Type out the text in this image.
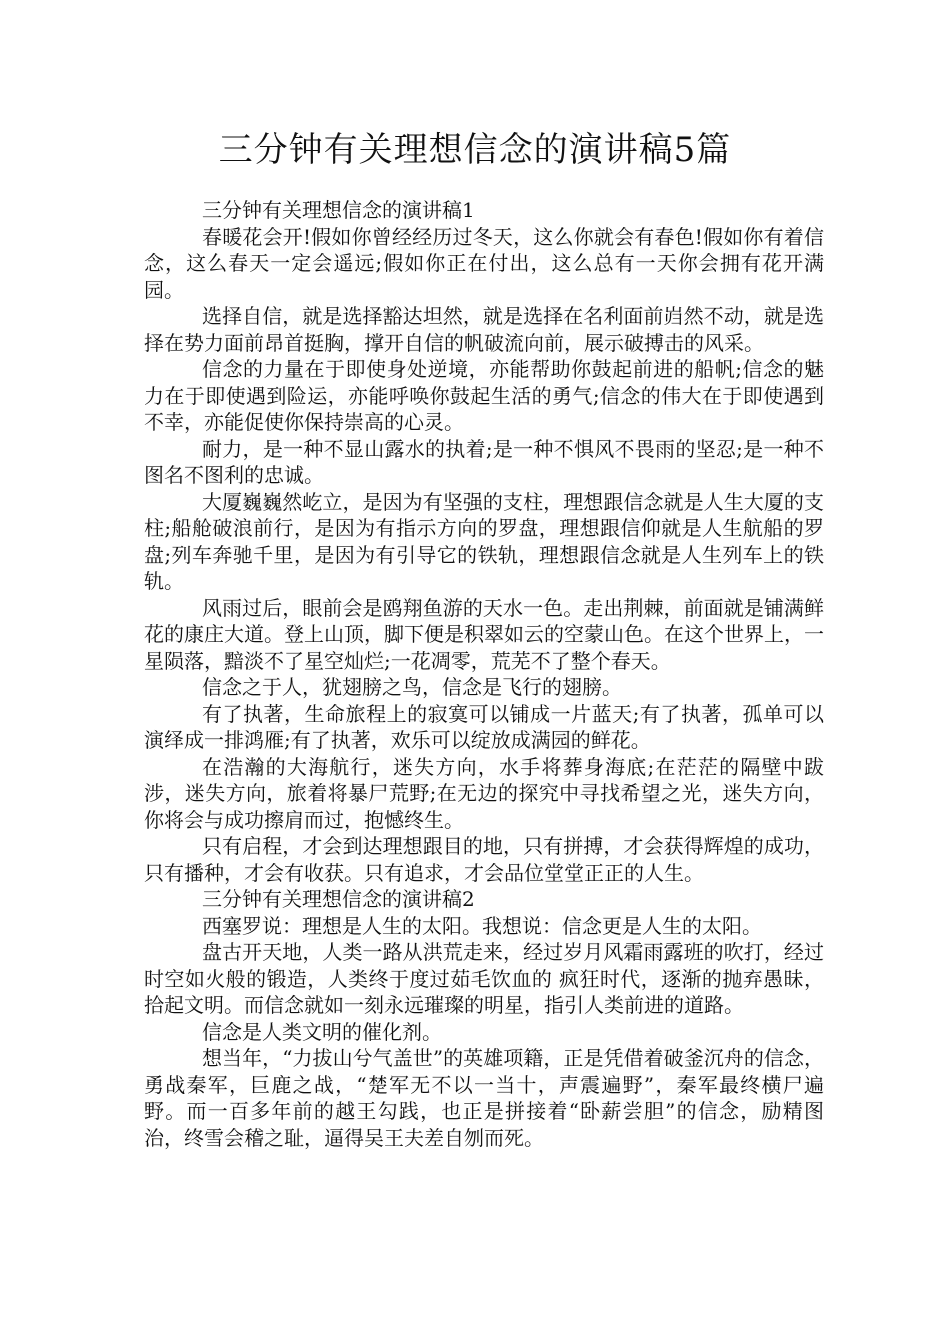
三分钟有关理想信念的演讲稿5篇

三分钟有关理想信念的演讲稿1

春暖花会开!假如你曾经经历过冬天，这么你就会有春色!假如你有着信念，这么春天一定会遥远;假如你正在付出，这么总有一天你会拥有花开满园。

选择自信，就是选择豁达坦然，就是选择在名利面前岿然不动，就是选择在势力面前昂首挺胸，撑开自信的帆破流向前，展示破搏击的风采。

信念的力量在于即使身处逆境，亦能帮助你鼓起前进的船帆;信念的魅力在于即使遇到险运，亦能呼唤你鼓起生活的勇气;信念的伟大在于即使遇到不幸，亦能促使你保持崇高的心灵。

耐力，是一种不显山露水的执着;是一种不惧风不畏雨的坚忍;是一种不图名不图利的忠诚。

大厦巍巍然屹立，是因为有坚强的支柱，理想跟信念就是人生大厦的支柱;船舱破浪前行，是因为有指示方向的罗盘，理想跟信仰就是人生航船的罗盘;列车奔驰千里，是因为有引导它的铁轨，理想跟信念就是人生列车上的铁轨。

风雨过后，眼前会是鸥翔鱼游的天水一色。走出荆棘，前面就是铺满鲜花的康庄大道。登上山顶，脚下便是积翠如云的空蒙山色。在这个世界上，一星陨落，黯淡不了星空灿烂;一花凋零，荒芜不了整个春天。

信念之于人，犹翅膀之鸟，信念是飞行的翅膀。

有了执著，生命旅程上的寂寞可以铺成一片蓝天;有了执著，孤单可以演绎成一排鸿雁;有了执著，欢乐可以绽放成满园的鲜花。

在浩瀚的大海航行，迷失方向，水手将葬身海底;在茫茫的隔壁中跋涉，迷失方向，旅着将暴尸荒野;在无边的探究中寻找希望之光，迷失方向，你将会与成功擦肩而过，抱憾终生。

只有启程，才会到达理想跟目的地，只有拼搏，才会获得辉煌的成功，只有播种，才会有收获。只有追求，才会品位堂堂正正的人生。

三分钟有关理想信念的演讲稿2

西塞罗说：理想是人生的太阳。我想说：信念更是人生的太阳。

盘古开天地，人类一路从洪荒走来，经过岁月风霜雨露班的吹打，经过时空如火般的锻造，人类终于度过茹毛饮血的 疯狂时代，逐渐的抛弃愚昧，拾起文明。而信念就如一刻永远璀璨的明星，指引人类前进的道路。

信念是人类文明的催化剂。

想当年，“力拔山兮气盖世”的英雄项籍，正是凭借着破釜沉舟的信念，勇战秦军，巨鹿之战，“楚军无不以一当十，声震遍野”，秦军最终横尸遍野。而一百多年前的越王勾践，也正是拼接着“卧薪尝胆”的信念，励精图治，终雪会稽之耻，逼得吴王夫差自刎而死。
